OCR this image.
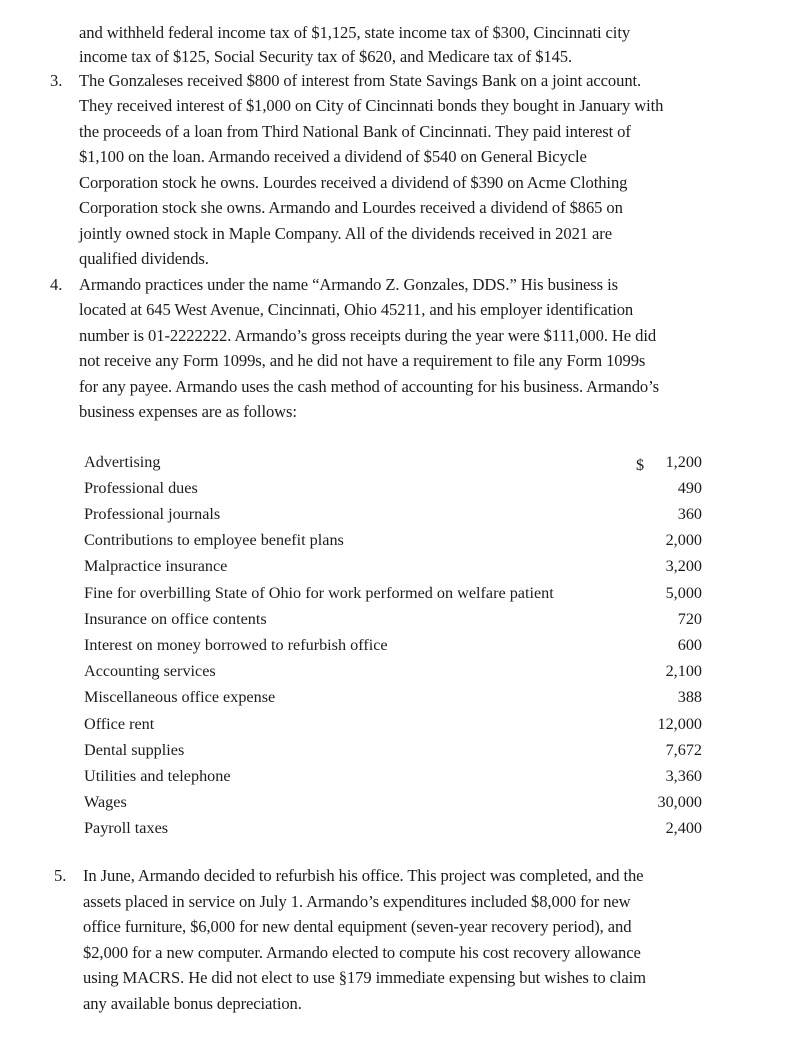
and withheld federal income tax of $1,125, state income tax of $300, Cincinnati city
income tax of $125, Social Security tax of $620, and Medicare tax of $145.
3. The Gonzaleses received $800 of interest from State Savings Bank on a joint account.
They received interest of $1,000 on City of Cincinnati bonds they bought in January with
the proceeds of a loan from Third National Bank of Cincinnati. They paid interest of
$1,100 on the loan. Armando received a dividend of $540 on General Bicycle
Corporation stock he owns. Lourdes received a dividend of $390 on Acme Clothing
Corporation stock she owns. Armando and Lourdes received a dividend of $865 on
jointly owned stock in Maple Company. All of the dividends received in 2021 are
qualified dividends.
4. Armando practices under the name “Armando Z. Gonzales, DDS.” His business is
located at 645 West Avenue, Cincinnati, Ohio 45211, and his employer identification
number is 01-2222222. Armando’s gross receipts during the year were $111,000. He did
not receive any Form 1099s, and he did not have a requirement to file any Form 1099s
for any payee. Armando uses the cash method of accounting for his business. Armando’s
business expenses are as follows:
$
Advertising	1,200
Professional dues	490
Professional journals	360
Contributions to employee benefit plans	2,000
Malpractice insurance	3,200
Fine for overbilling State of Ohio for work performed on welfare patient	5,000
Insurance on office contents	720
Interest on money borrowed to refurbish office	600
Accounting services	2,100
Miscellaneous office expense	388
Office rent	12,000
Dental supplies	7,672
Utilities and telephone	3,360
Wages	30,000
Payroll taxes	2,400
5. In June, Armando decided to refurbish his office. This project was completed, and the
assets placed in service on July 1. Armando’s expenditures included $8,000 for new
office furniture, $6,000 for new dental equipment (seven-year recovery period), and
$2,000 for a new computer. Armando elected to compute his cost recovery allowance
using MACRS. He did not elect to use §179 immediate expensing but wishes to claim
any available bonus depreciation.
